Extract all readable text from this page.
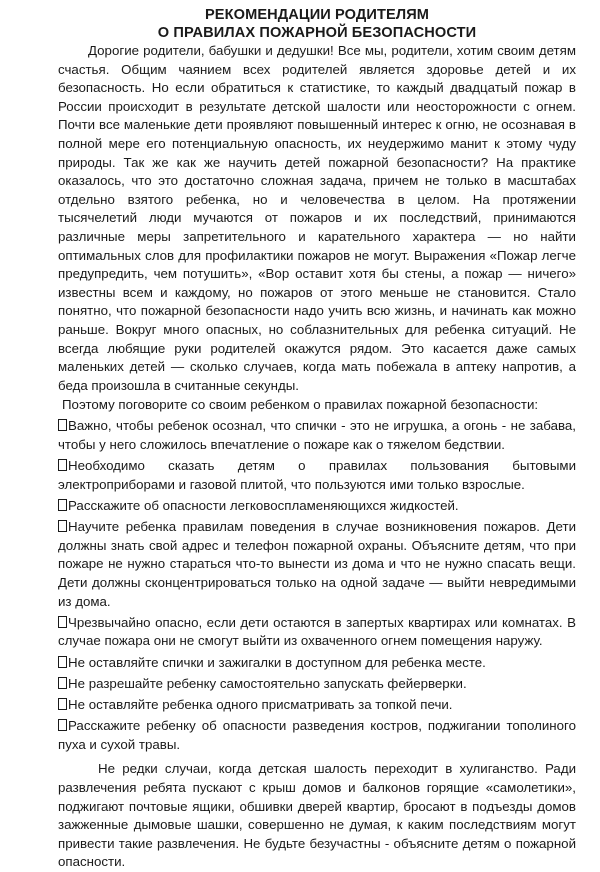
РЕКОМЕНДАЦИИ РОДИТЕЛЯМ
О ПРАВИЛАХ ПОЖАРНОЙ БЕЗОПАСНОСТИ

Дорогие родители, бабушки и дедушки! Все мы, родители, хотим своим детям счастья. Общим чаянием всех родителей является здоровье детей и их безопасность. Но если обратиться к статистике, то каждый двадцатый пожар в России происходит в результате детской шалости или неосторожности с огнем. Почти все маленькие дети проявляют повышенный интерес к огню, не осознавая в полной мере его потенциальную опасность, их неудержимо манит к этому чуду природы. Так же как же научить детей пожарной безопасности? На практике оказалось, что это достаточно сложная задача, причем не только в масштабах отдельно взятого ребенка, но и человечества в целом. На протяжении тысячелетий люди мучаются от пожаров и их последствий, принимаются различные меры запретительного и карательного характера — но найти оптимальных слов для профилактики пожаров не могут. Выражения «Пожар легче предупредить, чем потушить», «Вор оставит хотя бы стены, а пожар — ничего» известны всем и каждому, но пожаров от этого меньше не становится. Стало понятно, что пожарной безопасности надо учить всю жизнь, и начинать как можно раньше. Вокруг много опасных, но соблазнительных для ребенка ситуаций. Не всегда любящие руки родителей окажутся рядом. Это касается даже самых маленьких детей — сколько случаев, когда мать побежала в аптеку напротив, а беда произошла в считанные секунды.

Поэтому поговорите со своим ребенком о правилах пожарной безопасности:

Важно, чтобы ребенок осознал, что спички - это не игрушка, а огонь - не забава, чтобы у него сложилось впечатление о пожаре как о тяжелом бедствии.

Необходимо сказать детям о правилах пользования бытовыми электроприборами и газовой плитой, что пользуются ими только взрослые.

Расскажите об опасности легковоспламеняющихся жидкостей.

Научите ребенка правилам поведения в случае возникновения пожаров. Дети должны знать свой адрес и телефон пожарной охраны. Объясните детям, что при пожаре не нужно стараться что-то вынести из дома и что не нужно спасать вещи. Дети должны сконцентрироваться только на одной задаче — выйти невредимыми из дома.

Чрезвычайно опасно, если дети остаются в запертых квартирах или комнатах. В случае пожара они не смогут выйти из охваченного огнем помещения наружу.

Не оставляйте спички и зажигалки в доступном для ребенка месте.

Не разрешайте ребенку самостоятельно запускать фейерверки.

Не оставляйте ребенка одного присматривать за топкой печи.

Расскажите ребенку об опасности разведения костров, поджигании тополиного пуха и сухой травы.

Не редки случаи, когда детская шалость переходит в хулиганство. Ради развлечения ребята пускают с крыш домов и балконов горящие «самолетики», поджигают почтовые ящики, обшивки дверей квартир, бросают в подъезды домов зажженные дымовые шашки, совершенно не думая, к каким последствиям могут привести такие развлечения. Не будьте безучастны - объясните детям о пожарной опасности.
